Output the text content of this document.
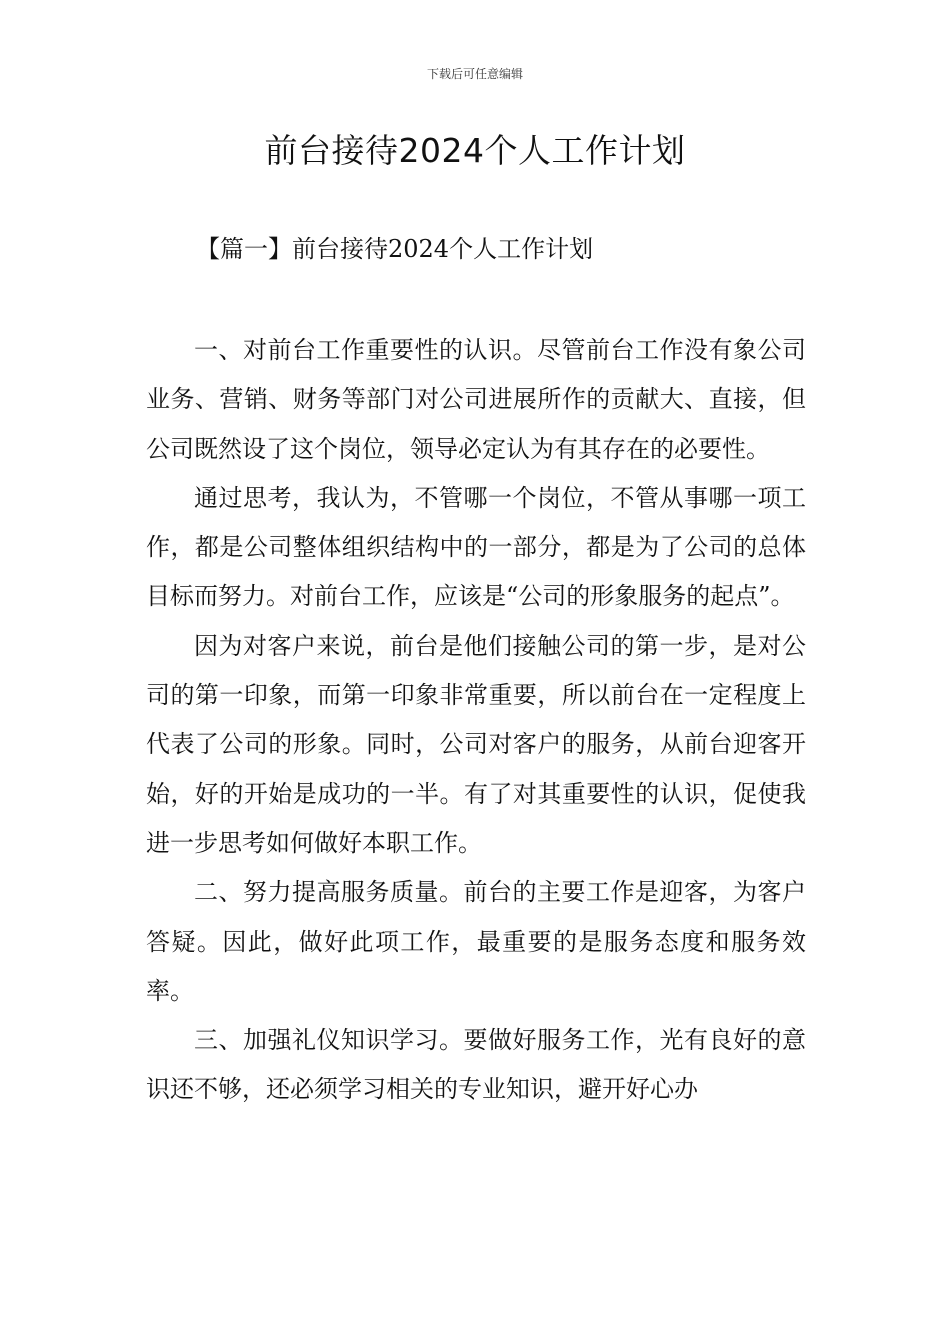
下载后可任意编辑
前台接待2024个人工作计划
【篇一】前台接待2024个人工作计划

一、对前台工作重要性的认识。尽管前台工作没有象公司业务、营销、财务等部门对公司进展所作的贡献大、直接，但公司既然设了这个岗位，领导必定认为有其存在的必要性。

通过思考，我认为，不管哪一个岗位，不管从事哪一项工作，都是公司整体组织结构中的一部分，都是为了公司的总体目标而努力。对前台工作，应该是“公司的形象服务的起点”。

因为对客户来说，前台是他们接触公司的第一步，是对公司的第一印象，而第一印象非常重要，所以前台在一定程度上代表了公司的形象。同时，公司对客户的服务，从前台迎客开始，好的开始是成功的一半。有了对其重要性的认识，促使我进一步思考如何做好本职工作。

二、努力提高服务质量。前台的主要工作是迎客，为客户答疑。因此，做好此项工作，最重要的是服务态度和服务效率。

三、加强礼仪知识学习。要做好服务工作，光有良好的意识还不够，还必须学习相关的专业知识，避开好心办
